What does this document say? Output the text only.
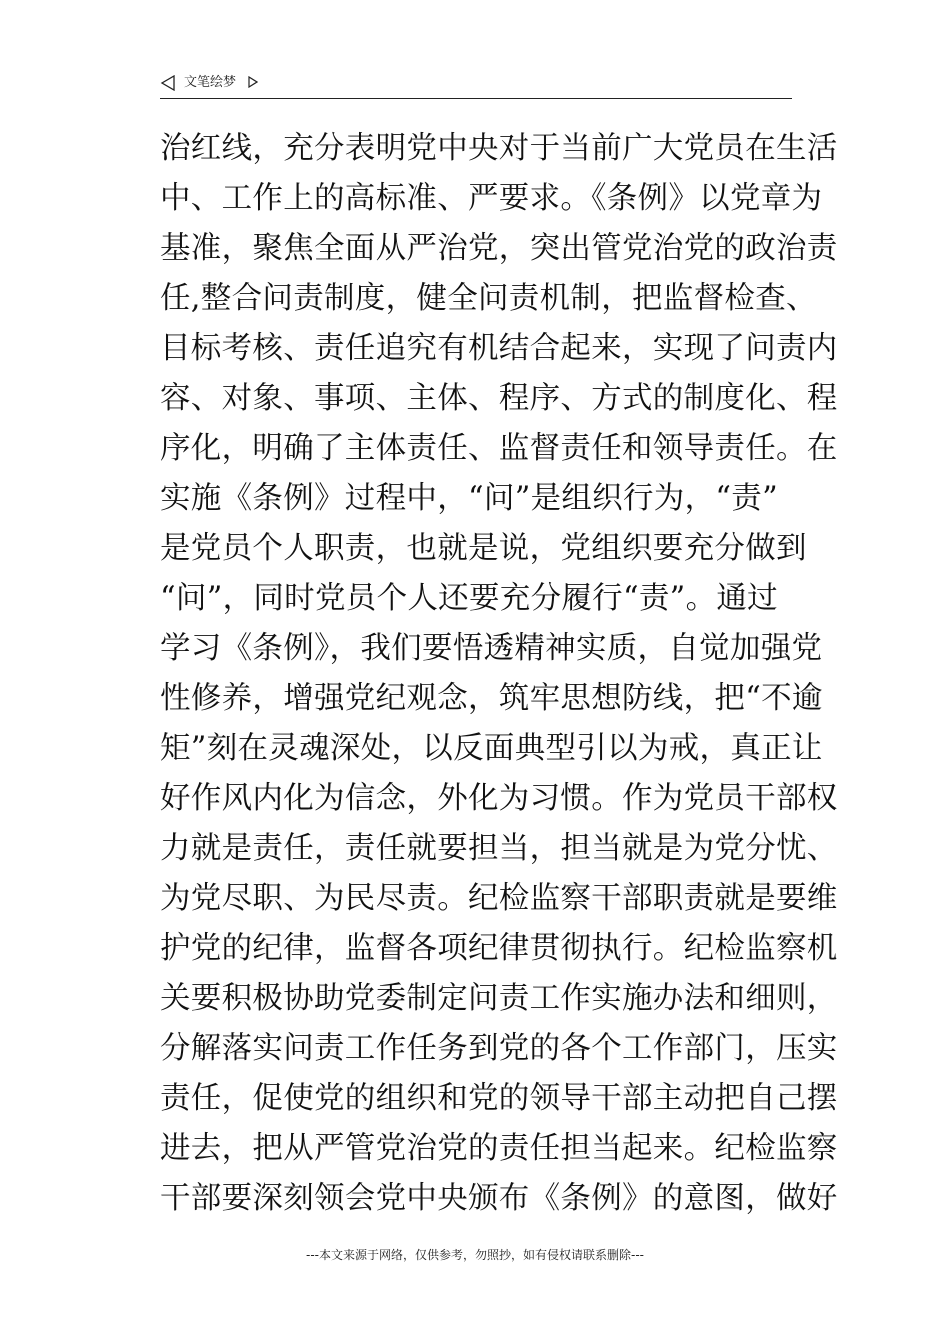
文笔绘梦
治红线，充分表明党中央对于当前广大党员在生活
中、工作上的高标准、严要求。《条例》以党章为
基准，聚焦全面从严治党，突出管党治党的政治责
任,整合问责制度，健全问责机制，把监督检查、
目标考核、责任追究有机结合起来，实现了问责内
容、对象、事项、主体、程序、方式的制度化、程
序化，明确了主体责任、监督责任和领导责任。在
实施《条例》过程中，“问”是组织行为，“责”
是党员个人职责，也就是说，党组织要充分做到
“问”，同时党员个人还要充分履行“责”。通过
学习《条例》，我们要悟透精神实质，自觉加强党
性修养，增强党纪观念，筑牢思想防线，把“不逾
矩”刻在灵魂深处，以反面典型引以为戒，真正让
好作风内化为信念，外化为习惯。作为党员干部权
力就是责任，责任就要担当，担当就是为党分忧、
为党尽职、为民尽责。纪检监察干部职责就是要维
护党的纪律，监督各项纪律贯彻执行。纪检监察机
关要积极协助党委制定问责工作实施办法和细则，
分解落实问责工作任务到党的各个工作部门，压实
责任，促使党的组织和党的领导干部主动把自己摆
进去，把从严管党治党的责任担当起来。纪检监察
干部要深刻领会党中央颁布《条例》的意图，做好
---本文来源于网络，仅供参考，勿照抄，如有侵权请联系删除---
